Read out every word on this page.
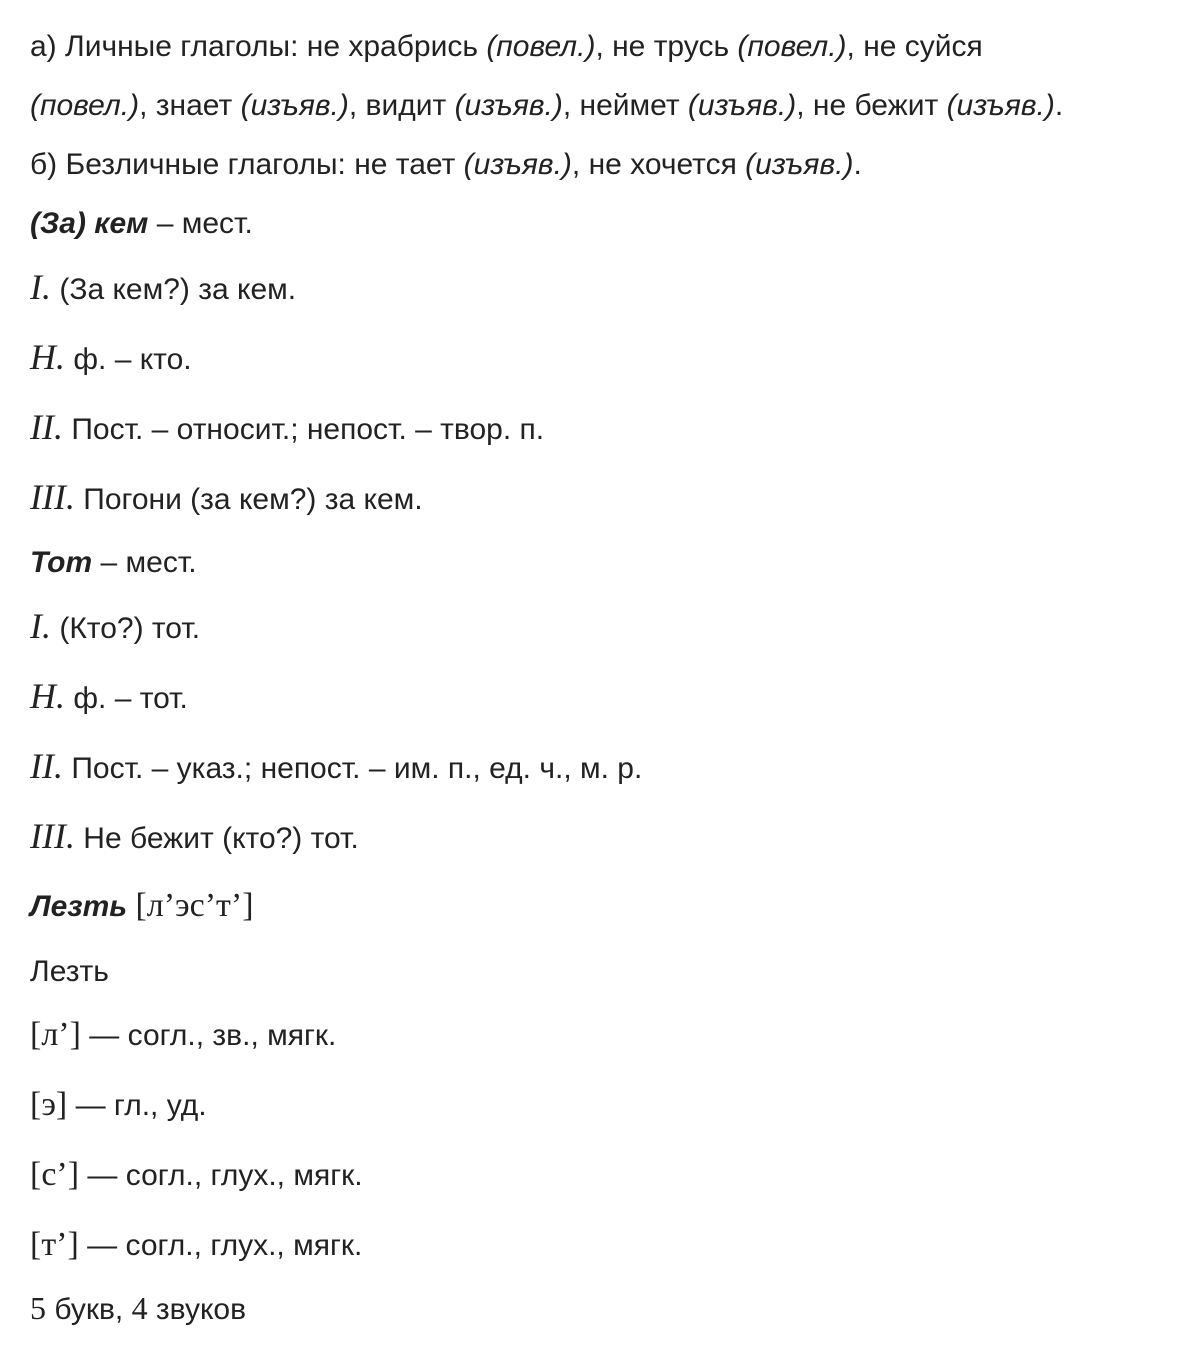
а) Личные глаголы: не храбрись (повел.), не трусь (повел.), не суйся
(повел.), знает (изъяв.), видит (изъяв.), неймет (изъяв.), не бежит (изъяв.).
б) Безличные глаголы: не тает (изъяв.), не хочется (изъяв.).
(За) кем – мест.
I. (За кем?) за кем.
Н. ф. – кто.
II. Пост. – относит.; непост. – твор. п.
III. Погони (за кем?) за кем.
Тот – мест.
I. (Кто?) тот.
Н. ф. – тот.
II. Пост. – указ.; непост. – им. п., ед. ч., м. р.
III. Не бежит (кто?) тот.
Лезть [л’эс’т’]
Лезть
[л’] — согл., зв., мягк.
[э] — гл., уд.
[с’] — согл., глух., мягк.
[т’] — согл., глух., мягк.
5 букв, 4 звуков
